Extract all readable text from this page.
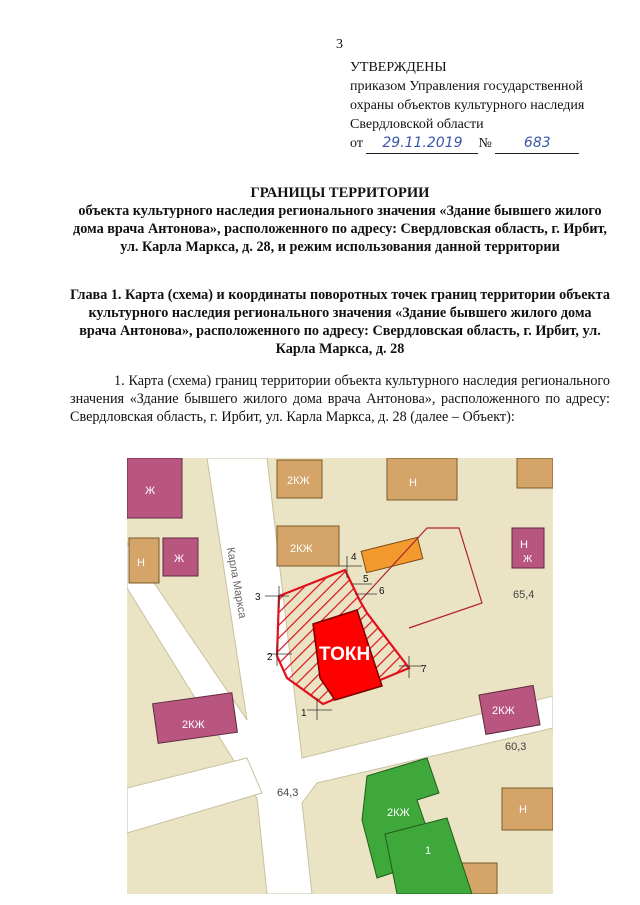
3
УТВЕРЖДЕНЫ
приказом Управления государственной
охраны объектов культурного наследия
Свердловской области
от 29.11.2019 № 683
ГРАНИЦЫ ТЕРРИТОРИИ
объекта культурного наследия регионального значения «Здание бывшего жилого дома врача Антонова», расположенного по адресу: Свердловская область, г. Ирбит, ул. Карла Маркса, д. 28, и режим использования данной территории
Глава 1. Карта (схема) и координаты поворотных точек границ территории объекта культурного наследия регионального значения «Здание бывшего жилого дома врача Антонова», расположенного по адресу: Свердловская область, г. Ирбит, ул. Карла Маркса, д. 28
1. Карта (схема) границ территории объекта культурного наследия регионального значения «Здание бывшего жилого дома врача Антонова», расположенного по адресу: Свердловская область, г. Ирбит, ул. Карла Маркса, д. 28 (далее – Объект):
Карла Маркса
Ж
2КЖ	Н
Н	Ж
2КЖ	Н
Ж
2КЖ
2КЖ
Н
2КЖ
1
ТОКН
65,4
60,3
64,3
1
2
3
4
5
6
7
